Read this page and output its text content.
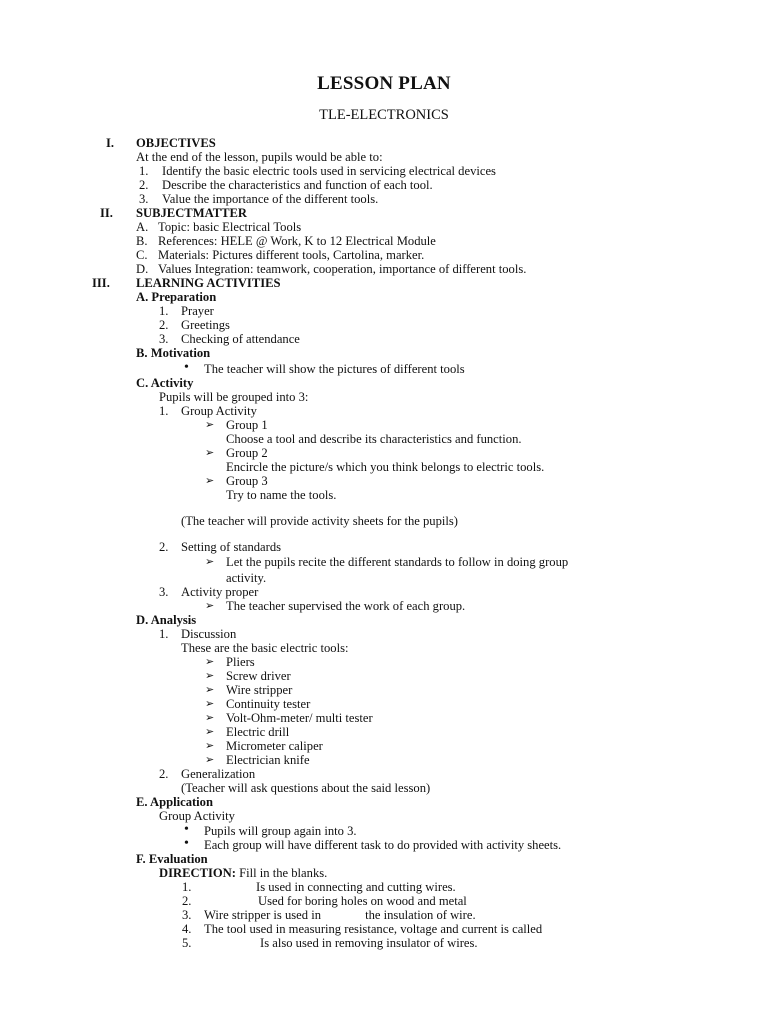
LESSON PLAN
TLE-ELECTRONICS
I. OBJECTIVES
At the end of the lesson, pupils would be able to:
1. Identify the basic electric tools used in servicing electrical devices
2. Describe the characteristics and function of each tool.
3. Value the importance of the different tools.
II. SUBJECTMATTER
A. Topic: basic Electrical Tools
B. References: HELE @ Work, K to 12 Electrical Module
C. Materials: Pictures different tools, Cartolina, marker.
D. Values Integration: teamwork, cooperation, importance of different tools.
III. LEARNING ACTIVITIES
A. Preparation
1. Prayer
2. Greetings
3. Checking of attendance
B. Motivation
• The teacher will show the pictures of different tools
C. Activity
Pupils will be grouped into 3:
1. Group Activity
➢ Group 1
Choose a tool and describe its characteristics and function.
➢ Group 2
Encircle the picture/s which you think belongs to electric tools.
➢ Group 3
Try to name the tools.
(The teacher will provide activity sheets for the pupils)
2. Setting of standards
➢ Let the pupils recite the different standards to follow in doing group
activity.
3. Activity proper
➢ The teacher supervised the work of each group.
D. Analysis
1. Discussion
These are the basic electric tools:
➢ Pliers
➢ Screw driver
➢ Wire stripper
➢ Continuity tester
➢ Volt-Ohm-meter/ multi tester
➢ Electric drill
➢ Micrometer caliper
➢ Electrician knife
2. Generalization
(Teacher will ask questions about the said lesson)
E. Application
Group Activity
• Pupils will group again into 3.
• Each group will have different task to do provided with activity sheets.
F. Evaluation
DIRECTION: Fill in the blanks.
1.	Is used in connecting and cutting wires.
2.	Used for boring holes on wood and metal
3. Wire stripper is used in              the insulation of wire.
4. The tool used in measuring resistance, voltage and current is called
5.	Is also used in removing insulator of wires.
